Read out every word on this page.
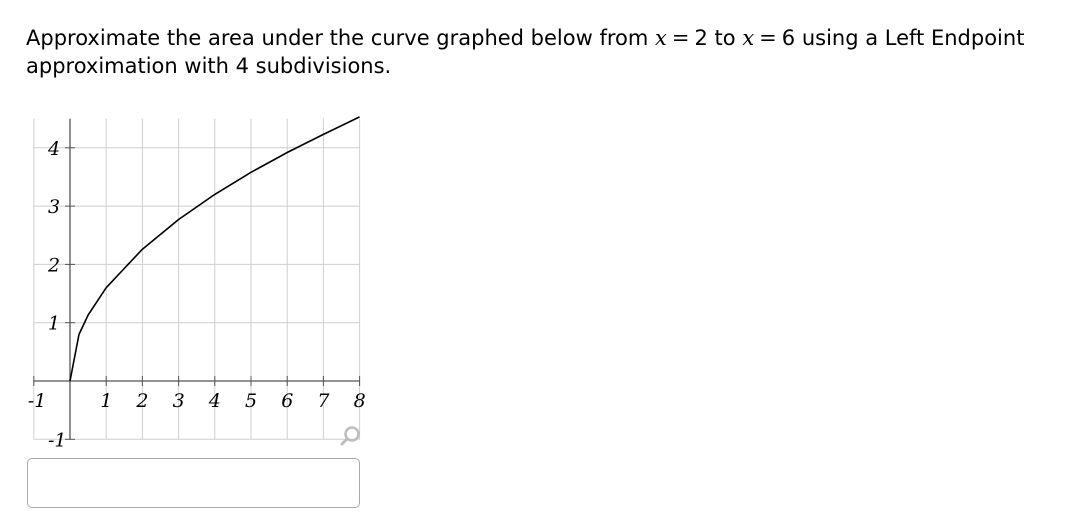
Approximate the area under the curve graphed below from x = 2 to x = 6 using a Left Endpoint
approximation with 4 subdivisions.
-1	1 2 3 4 5 6 7 8
-1
1
2
3
4
